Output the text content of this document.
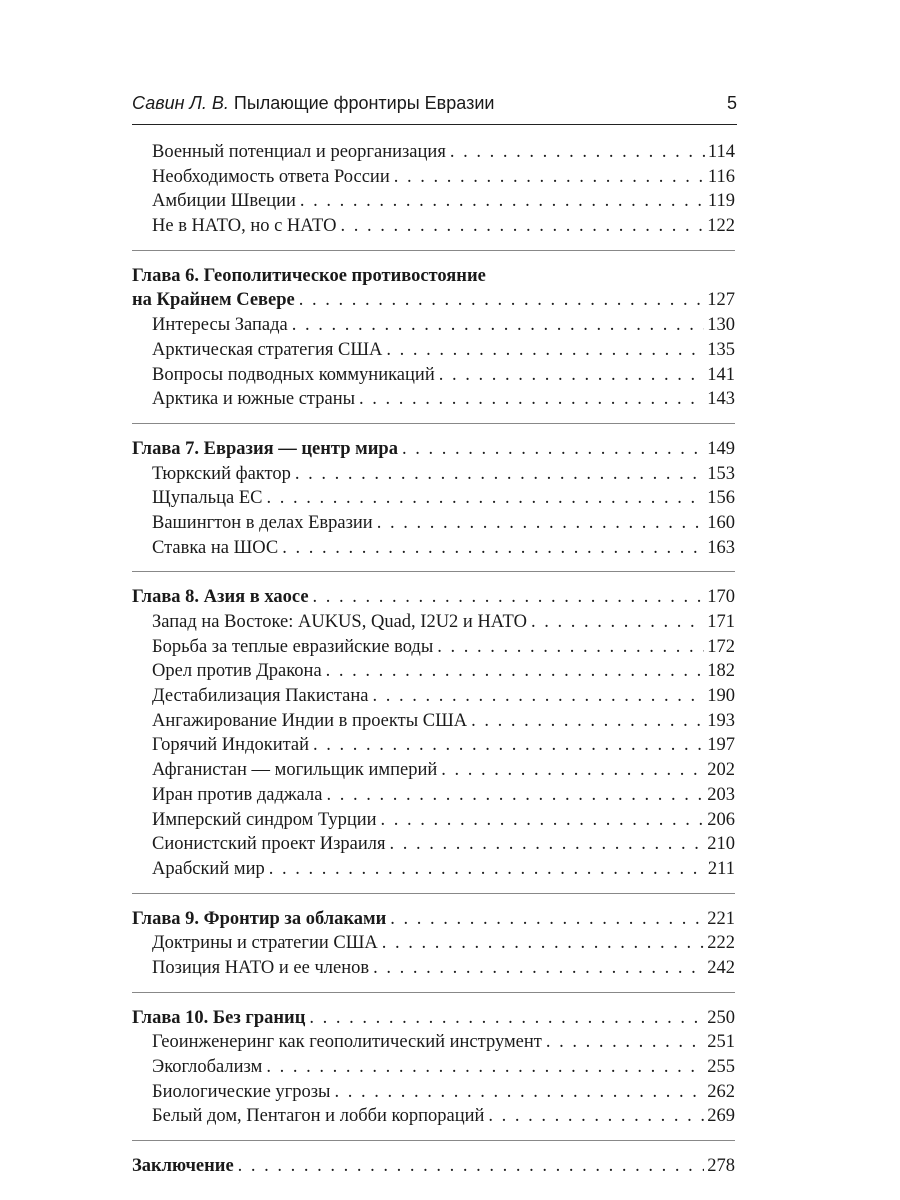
Савин Л. В. Пылающие фронтиры Евразии	5
Военный потенциал и реорганизация . . .	114
Необходимость ответа России . . .	116
Амбиции Швеции . . .	119
Не в НАТО, но с НАТО . . .	122
Глава 6. Геополитическое противостояние
на Крайнем Севере . . .	127
Интересы Запада . . .	130
Арктическая стратегия США . . .	135
Вопросы подводных коммуникаций . . .	141
Арктика и южные страны . . .	143
Глава 7. Евразия — центр мира . . .	149
Тюркский фактор . . .	153
Щупальца ЕС . . .	156
Вашингтон в делах Евразии . . .	160
Ставка на ШОС . . .	163
Глава 8. Азия в хаосе . . .	170
Запад на Востоке: AUKUS, Quad, I2U2 и НАТО . . .	171
Борьба за теплые евразийские воды . . .	172
Орел против Дракона . . .	182
Дестабилизация Пакистана . . .	190
Ангажирование Индии в проекты США . . .	193
Горячий Индокитай . . .	197
Афганистан — могильщик империй . . .	202
Иран против даджала . . .	203
Имперский синдром Турции . . .	206
Сионистский проект Израиля . . .	210
Арабский мир . . .	211
Глава 9. Фронтир за облаками . . .	221
Доктрины и стратегии США . . .	222
Позиция НАТО и ее членов . . .	242
Глава 10. Без границ . . .	250
Геоинженеринг как геополитический инструмент . . .	251
Экоглобализм . . .	255
Биологические угрозы . . .	262
Белый дом, Пентагон и лобби корпораций . . .	269
Заключение . . .	278
